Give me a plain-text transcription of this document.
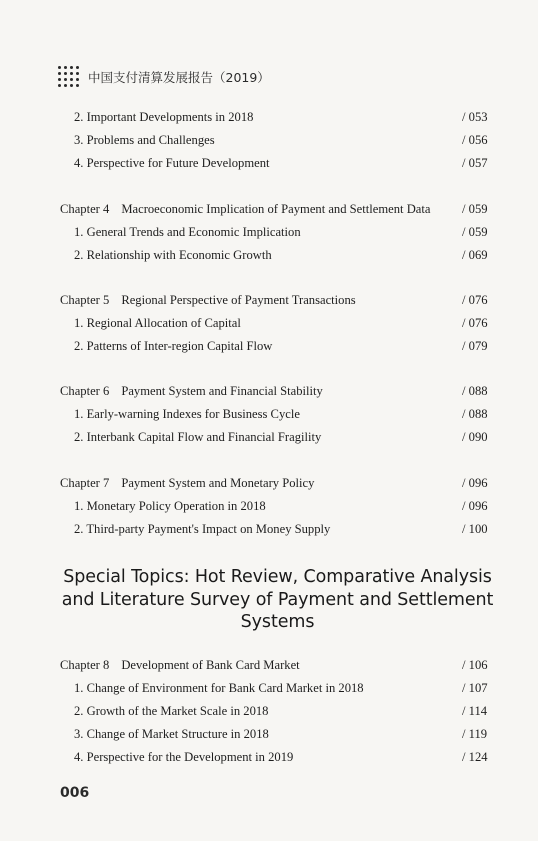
中国支付清算发展报告（2019）
2. Important Developments in 2018	/ 053
3. Problems and Challenges	/ 056
4. Perspective for Future Development	/ 057
Chapter 4 Macroeconomic Implication of Payment and Settlement Data	/ 059
1. General Trends and Economic Implication	/ 059
2. Relationship with Economic Growth	/ 069
Chapter 5 Regional Perspective of Payment Transactions	/ 076
1. Regional Allocation of Capital	/ 076
2. Patterns of Inter-region Capital Flow	/ 079
Chapter 6 Payment System and Financial Stability	/ 088
1. Early-warning Indexes for Business Cycle	/ 088
2. Interbank Capital Flow and Financial Fragility	/ 090
Chapter 7 Payment System and Monetary Policy	/ 096
1. Monetary Policy Operation in 2018	/ 096
2. Third-party Payment's Impact on Money Supply	/ 100
Special Topics: Hot Review, Comparative Analysis
and Literature Survey of Payment and Settlement
Systems
Chapter 8 Development of Bank Card Market	/ 106
1. Change of Environment for Bank Card Market in 2018	/ 107
2. Growth of the Market Scale in 2018	/ 114
3. Change of Market Structure in 2018	/ 119
4. Perspective for the Development in 2019	/ 124
006
